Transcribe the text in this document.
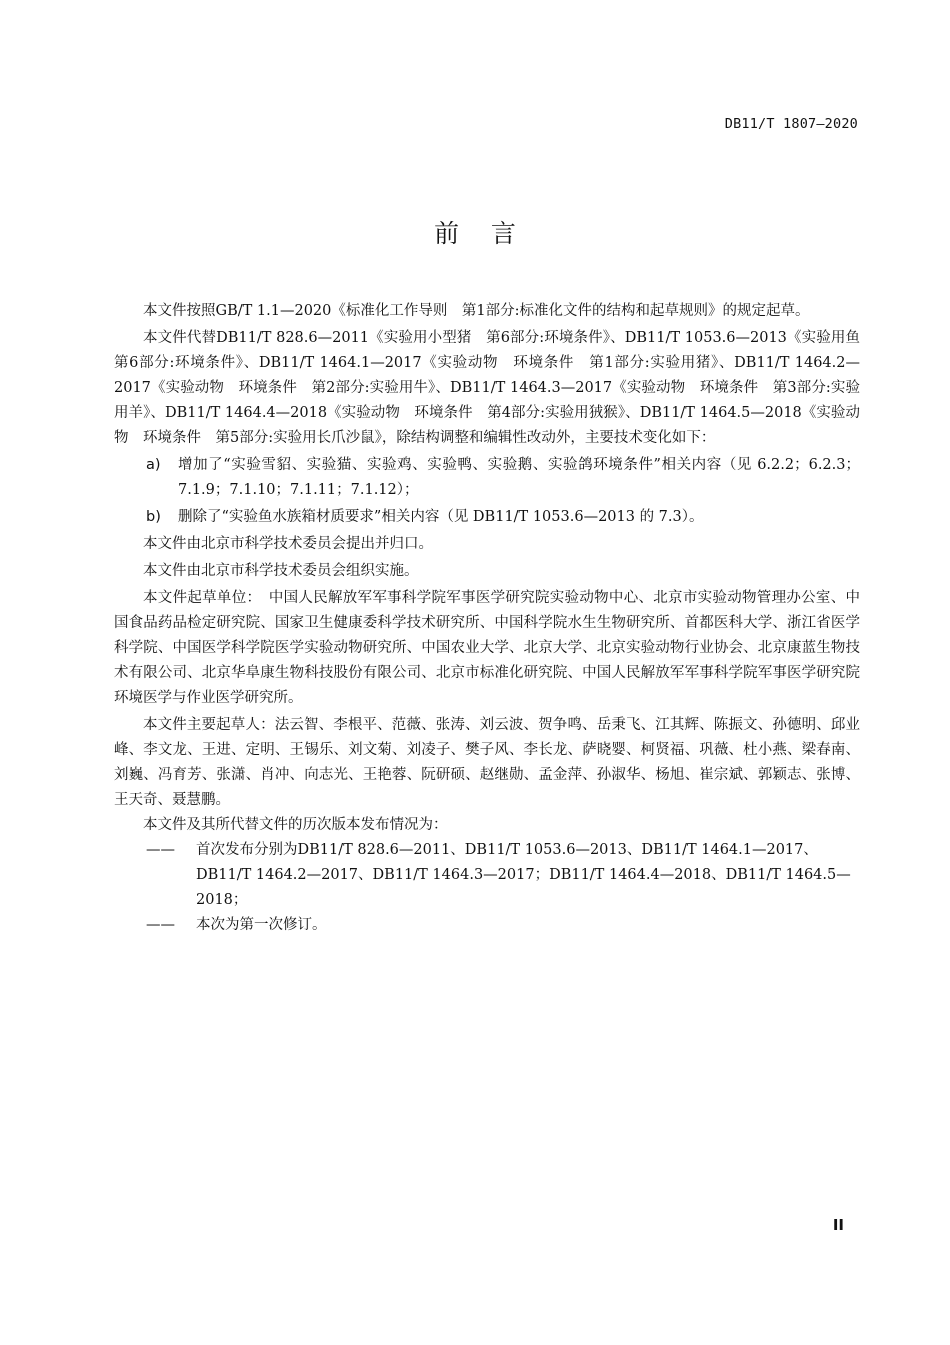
DB11/T 1807—2020
前    言

本文件按照GB/T 1.1—2020《标准化工作导则　第1部分:标准化文件的结构和起草规则》的规定起草。

本文件代替DB11/T 828.6—2011《实验用小型猪　第6部分:环境条件》、DB11/T 1053.6—2013《实验用鱼　第6部分:环境条件》、DB11/T 1464.1—2017《实验动物　环境条件　第1部分:实验用猪》、DB11/T 1464.2—2017《实验动物　环境条件　第2部分:实验用牛》、DB11/T 1464.3—2017《实验动物　环境条件　第3部分:实验用羊》、DB11/T 1464.4—2018《实验动物　环境条件　第4部分:实验用狨猴》、DB11/T 1464.5—2018《实验动物　环境条件　第5部分:实验用长爪沙鼠》，除结构调整和编辑性改动外，主要技术变化如下：

a) 增加了“实验雪貂、实验猫、实验鸡、实验鸭、实验鹅、实验鸽环境条件”相关内容（见 6.2.2；6.2.3；7.1.9；7.1.10；7.1.11；7.1.12）；

b) 删除了“实验鱼水族箱材质要求”相关内容（见 DB11/T 1053.6—2013 的 7.3）。

本文件由北京市科学技术委员会提出并归口。

本文件由北京市科学技术委员会组织实施。

本文件起草单位：　中国人民解放军军事科学院军事医学研究院实验动物中心、北京市实验动物管理办公室、中国食品药品检定研究院、国家卫生健康委科学技术研究所、中国科学院水生生物研究所、首都医科大学、浙江省医学科学院、中国医学科学院医学实验动物研究所、中国农业大学、北京大学、北京实验动物行业协会、北京康蓝生物技术有限公司、北京华阜康生物科技股份有限公司、北京市标准化研究院、中国人民解放军军事科学院军事医学研究院环境医学与作业医学研究所。

本文件主要起草人：法云智、李根平、范薇、张涛、刘云波、贺争鸣、岳秉飞、江其辉、陈振文、孙德明、邱业峰、李文龙、王进、定明、王锡乐、刘文菊、刘凌子、樊子风、李长龙、萨晓婴、柯贤福、巩薇、杜小燕、梁春南、刘巍、冯育芳、张潇、肖冲、向志光、王艳蓉、阮研硕、赵继勋、孟金萍、孙淑华、杨旭、崔宗斌、郭颖志、张博、王天奇、聂慧鹏。

本文件及其所代替文件的历次版本发布情况为：

—— 首次发布分别为DB11/T 828.6—2011、DB11/T 1053.6—2013、DB11/T 1464.1—2017、DB11/T 1464.2—2017、DB11/T 1464.3—2017；DB11/T 1464.4—2018、DB11/T 1464.5—2018；

—— 本次为第一次修订。

II
